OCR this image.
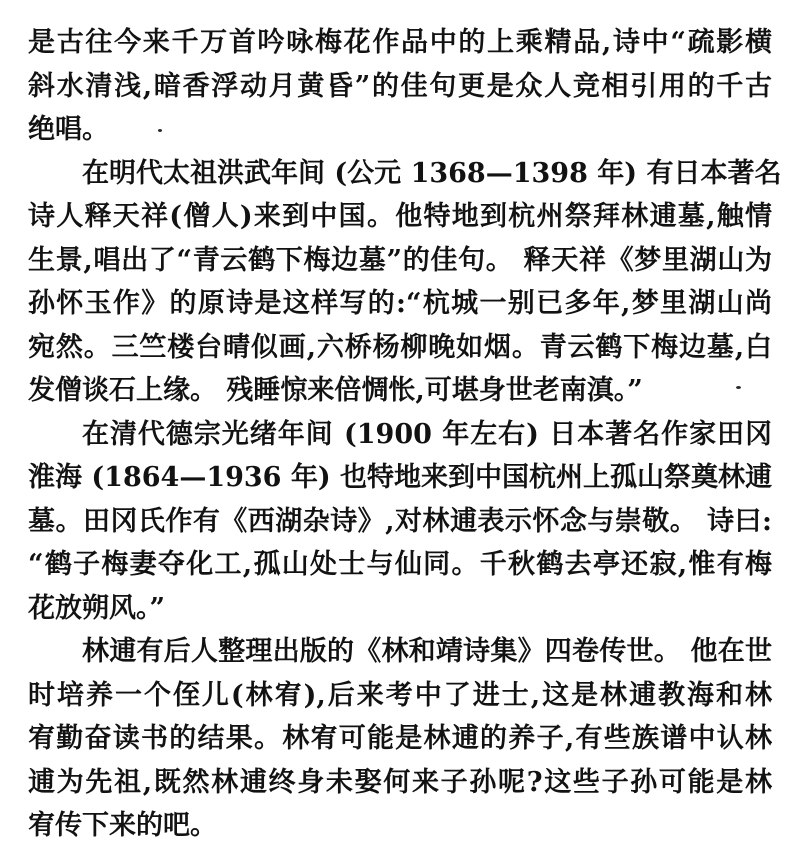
是古往今来千万首吟咏梅花作品中的上乘精品,诗中“疏影横
斜水清浅,暗香浮动月黄昏”的佳句更是众人竞相引用的千古
绝唱。
在明代太祖洪武年间 (公元 1368—1398 年) 有日本著名
诗人释天祥(僧人)来到中国。他特地到杭州祭拜林逋墓,触情
生景,唱出了“青云鹤下梅边墓”的佳句。 释天祥《梦里湖山为
孙怀玉作》的原诗是这样写的:“杭城一别已多年,梦里湖山尚
宛然。三竺楼台晴似画,六桥杨柳晚如烟。青云鹤下梅边墓,白
发僧谈石上缘。 残睡惊来倍惆怅,可堪身世老南滇。”
在清代德宗光绪年间 (1900 年左右) 日本著名作家田冈
淮海 (1864—1936 年) 也特地来到中国杭州上孤山祭奠林逋
墓。田冈氏作有《西湖杂诗》,对林逋表示怀念与崇敬。 诗曰:
“鹤子梅妻夺化工,孤山处士与仙同。千秋鹤去亭还寂,惟有梅
花放朔风。”
林逋有后人整理出版的《林和靖诗集》四卷传世。 他在世
时培养一个侄儿(林宥),后来考中了进士,这是林逋教海和林
宥勤奋读书的结果。林宥可能是林逋的养子,有些族谱中认林
逋为先祖,既然林逋终身未娶何来子孙呢?这些子孙可能是林
宥传下来的吧。
